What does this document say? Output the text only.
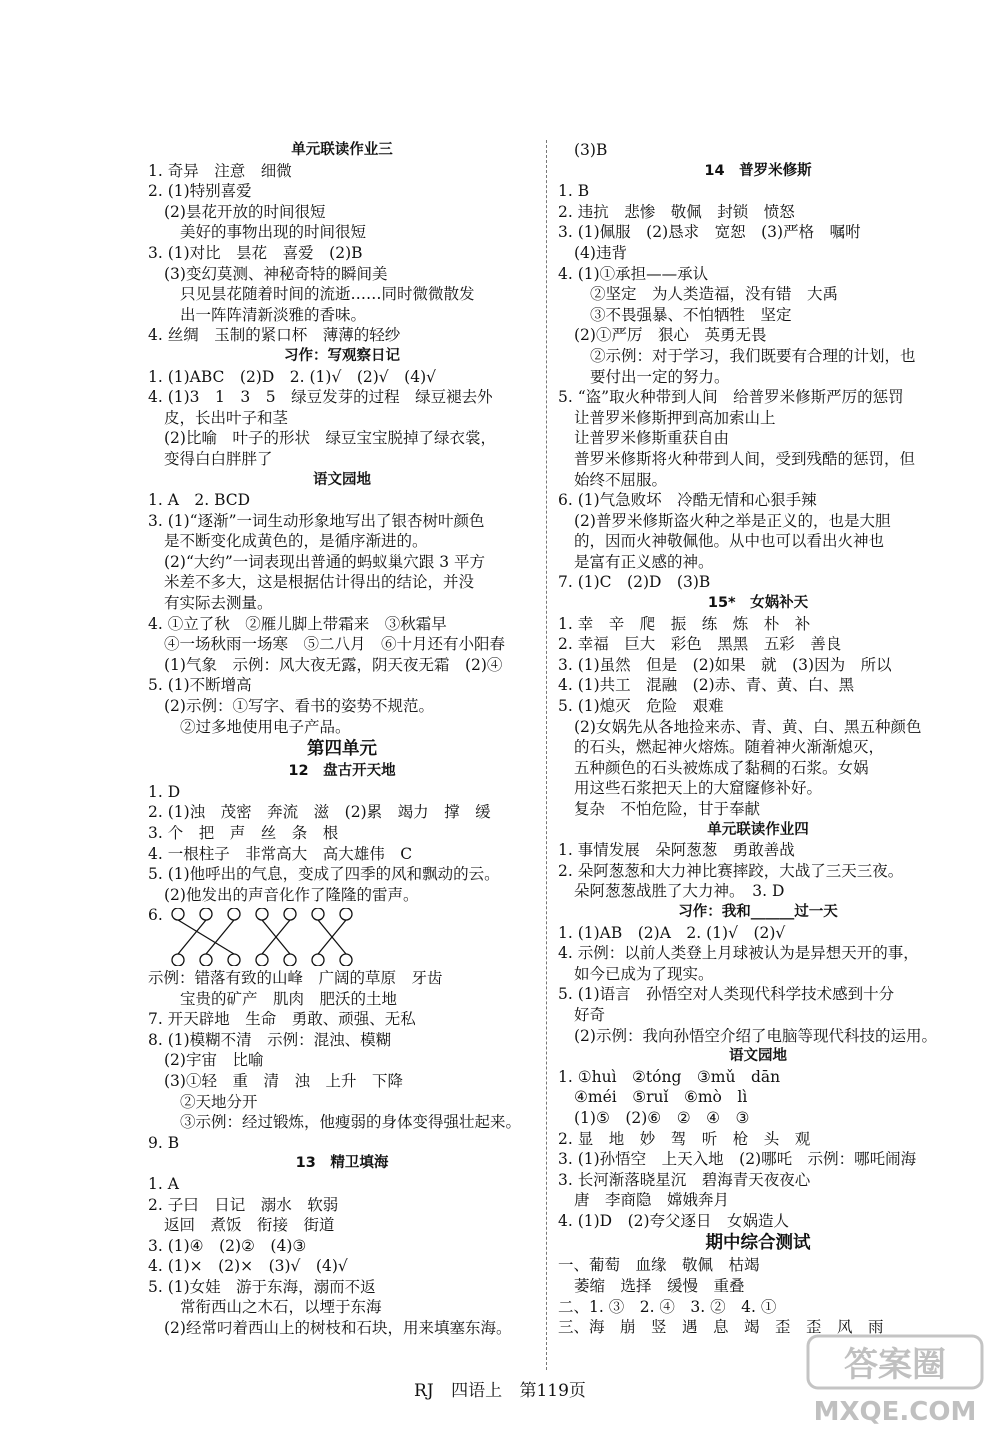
单元联读作业三
1. 奇异　注意　细微
2. (1)特别喜爱
(2)昙花开放的时间很短
美好的事物出现的时间很短
3. (1)对比　昙花　喜爱　(2)B
(3)变幻莫测、神秘奇特的瞬间美
只见昙花随着时间的流逝……同时微微散发
出一阵阵清新淡雅的香味。
4. 丝绸　玉制的紧口杯　薄薄的轻纱
习作：写观察日记
1. (1)ABC　(2)D　2. (1)√　(2)√　(4)√
4. (1)3　1　3　5　绿豆发芽的过程　绿豆褪去外
皮，长出叶子和茎
(2)比喻　叶子的形状　绿豆宝宝脱掉了绿衣裳，
变得白白胖胖了
语文园地
1. A　2. BCD
3. (1)“逐渐”一词生动形象地写出了银杏树叶颜色
是不断变化成黄色的，是循序渐进的。
(2)“大约”一词表现出普通的蚂蚁巢穴跟 3 平方
米差不多大，这是根据估计得出的结论，并没
有实际去测量。
4. ①立了秋　②雁儿脚上带霜来　③秋霜早
④一场秋雨一场寒　⑤二八月　⑥十月还有小阳春
(1)气象　示例：风大夜无露，阴天夜无霜　(2)④
5. (1)不断增高
(2)示例：①写字、看书的姿势不规范。
②过多地使用电子产品。
第四单元
12　盘古开天地
1. D
2. (1)浊　茂密　奔流　滋　(2)累　竭力　撑　缓
3. 个　把　声　丝　条　根
4. 一根柱子　非常高大　高大雄伟　C
5. (1)他呼出的气息，变成了四季的风和飘动的云。
(2)他发出的声音化作了隆隆的雷声。
6.
示例：错落有致的山峰　广阔的草原　牙齿
宝贵的矿产　肌肉　肥沃的土地
7. 开天辟地　生命　勇敢、顽强、无私
8. (1)模糊不清　示例：混浊、模糊
(2)宇宙　比喻
(3)①轻　重　清　浊　上升　下降
②天地分开
③示例：经过锻炼，他瘦弱的身体变得强壮起来。
9. B
13　精卫填海
1. A
2. 子曰　日记　溺水　软弱
返回　煮饭　衔接　街道
3. (1)④　(2)②　(4)③
4. (1)×　(2)×　(3)√　(4)√
5. (1)女娃　游于东海，溺而不返
常衔西山之木石，以堙于东海
(2)经常叼着西山上的树枝和石块，用来填塞东海。
(3)B
14　普罗米修斯
1. B
2. 违抗　悲惨　敬佩　封锁　愤怒
3. (1)佩服　(2)恳求　宽恕　(3)严格　嘱咐
(4)违背
4. (1)①承担——承认
②坚定　为人类造福，没有错　大禹
③不畏强暴、不怕牺牲　坚定
(2)①严厉　狠心　英勇无畏
②示例：对于学习，我们既要有合理的计划，也
要付出一定的努力。
5. “盗”取火种带到人间　给普罗米修斯严厉的惩罚
让普罗米修斯押到高加索山上
让普罗米修斯重获自由
普罗米修斯将火种带到人间，受到残酷的惩罚，但
始终不屈服。
6. (1)气急败坏　冷酷无情和心狠手辣
(2)普罗米修斯盗火种之举是正义的，也是大胆
的，因而火神敬佩他。从中也可以看出火神也
是富有正义感的神。
7. (1)C　(2)D　(3)B
15*　女娲补天
1. 幸　辛　爬　振　练　炼　朴　补
2. 幸福　巨大　彩色　黑黑　五彩　善良
3. (1)虽然　但是　(2)如果　就　(3)因为　所以
4. (1)共工　混融　(2)赤、青、黄、白、黑
5. (1)熄灭　危险　艰难
(2)女娲先从各地捡来赤、青、黄、白、黑五种颜色
的石头，燃起神火熔炼。随着神火渐渐熄灭，
五种颜色的石头被炼成了黏稠的石浆。女娲
用这些石浆把天上的大窟窿修补好。
复杂　不怕危险，甘于奉献
单元联读作业四
1. 事情发展　朵阿葱葱　勇敢善战
2. 朵阿葱葱和大力神比赛摔跤，大战了三天三夜。
朵阿葱葱战胜了大力神。　3. D
习作：我和______过一天
1. (1)AB　(2)A　2. (1)√　(2)√
4. 示例：以前人类登上月球被认为是异想天开的事，
如今已成为了现实。
5. (1)语言　孙悟空对人类现代科学技术感到十分
好奇
(2)示例：我向孙悟空介绍了电脑等现代科技的运用。
语文园地
1. ①huì　②tóng　③mǔ　dān
④méi　⑤ruǐ　⑥mò　lì
(1)⑤　(2)⑥　②　④　③
2. 显　地　妙　驾　听　枪　头　观
3. (1)孙悟空　上天入地　(2)哪吒　示例：哪吒闹海
3. 长河渐落晓星沉　碧海青天夜夜心
唐　李商隐　嫦娥奔月
4. (1)D　(2)夸父逐日　女娲造人
期中综合测试
一、葡萄　血缘　敬佩　枯竭
萎缩　选择　缓慢　重叠
二、1. ③　2. ④　3. ②　4. ①
三、海　崩　竖　遇　息　竭　歪　歪　风　雨
RJ 四语上 第119页
答案圈
MXQE.COM
